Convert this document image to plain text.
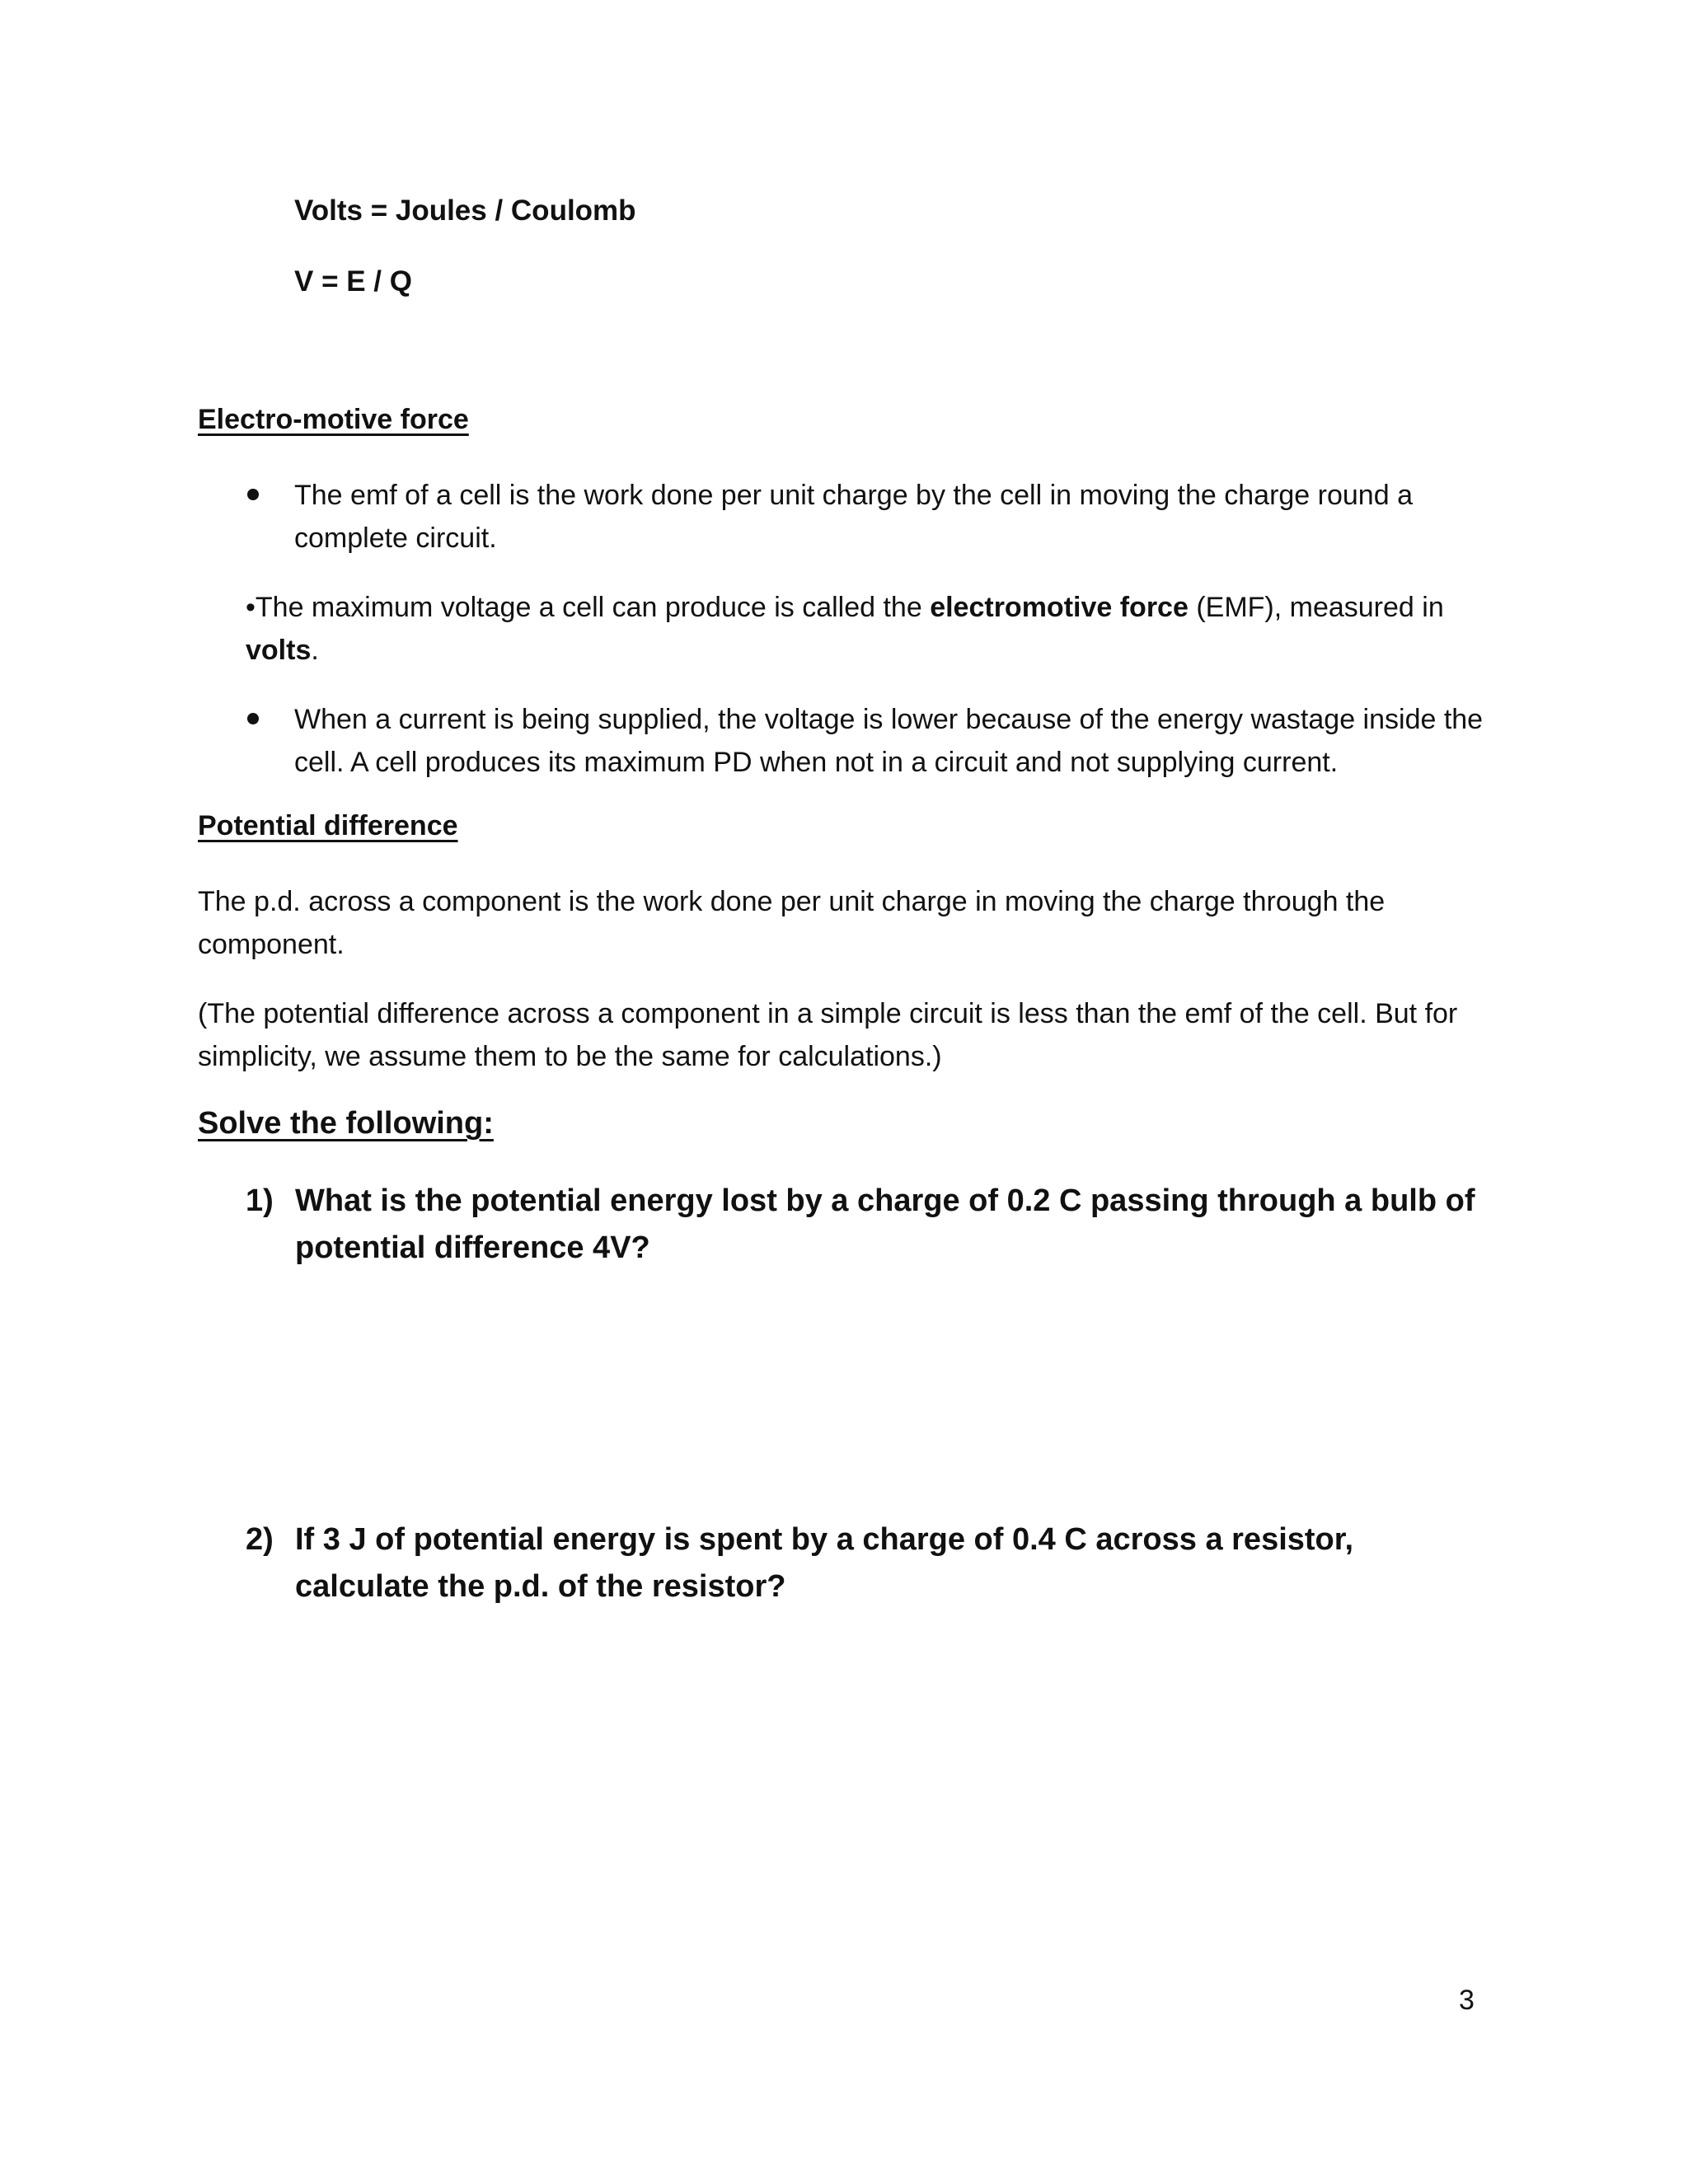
Volts = Joules / Coulomb

V = E / Q

Electro-motive force

The emf of a cell is the work done per unit charge by the cell in moving the charge round a complete circuit.

•The maximum voltage a cell can produce is called the electromotive force (EMF), measured in volts.

When a current is being supplied, the voltage is lower because of the energy wastage inside the cell. A cell produces its maximum PD when not in a circuit and not supplying current.

Potential difference

The p.d. across a component is the work done per unit charge in moving the charge through the component.

(The potential difference across a component in a simple circuit is less than the emf of the cell. But for simplicity, we assume them to be the same for calculations.)

Solve the following:

1) What is the potential energy lost by a charge of 0.2 C passing through a bulb of potential difference 4V?
2) If 3 J of potential energy is spent by a charge of 0.4 C across a resistor, calculate the p.d. of the resistor?

3
